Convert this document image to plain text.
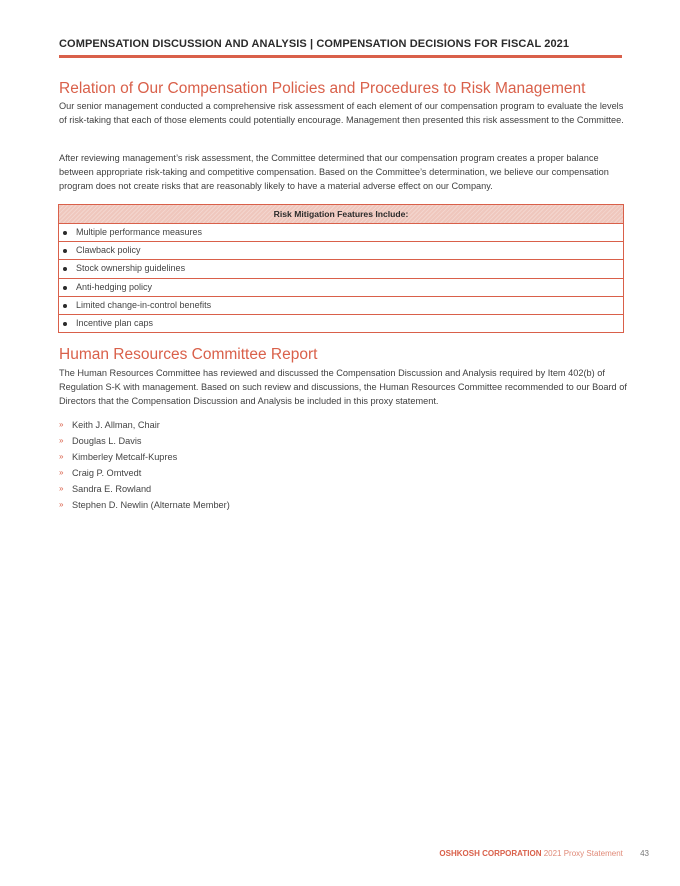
COMPENSATION DISCUSSION AND ANALYSIS | COMPENSATION DECISIONS FOR FISCAL 2021
Relation of Our Compensation Policies and Procedures to Risk Management
Our senior management conducted a comprehensive risk assessment of each element of our compensation program to evaluate the levels of risk-taking that each of those elements could potentially encourage. Management then presented this risk assessment to the Committee.
After reviewing management’s risk assessment, the Committee determined that our compensation program creates a proper balance between appropriate risk-taking and competitive compensation. Based on the Committee’s determination, we believe our compensation program does not create risks that are reasonably likely to have a material adverse effect on our Company.
Risk Mitigation Features Include:
Multiple performance measures
Clawback policy
Stock ownership guidelines
Anti-hedging policy
Limited change-in-control benefits
Incentive plan caps
Human Resources Committee Report
The Human Resources Committee has reviewed and discussed the Compensation Discussion and Analysis required by Item 402(b) of Regulation S-K with management. Based on such review and discussions, the Human Resources Committee recommended to our Board of Directors that the Compensation Discussion and Analysis be included in this proxy statement.
» Keith J. Allman, Chair
» Douglas L. Davis
» Kimberley Metcalf-Kupres
» Craig P. Omtvedt
» Sandra E. Rowland
» Stephen D. Newlin (Alternate Member)
OSHKOSH CORPORATION 2021 Proxy Statement 43
